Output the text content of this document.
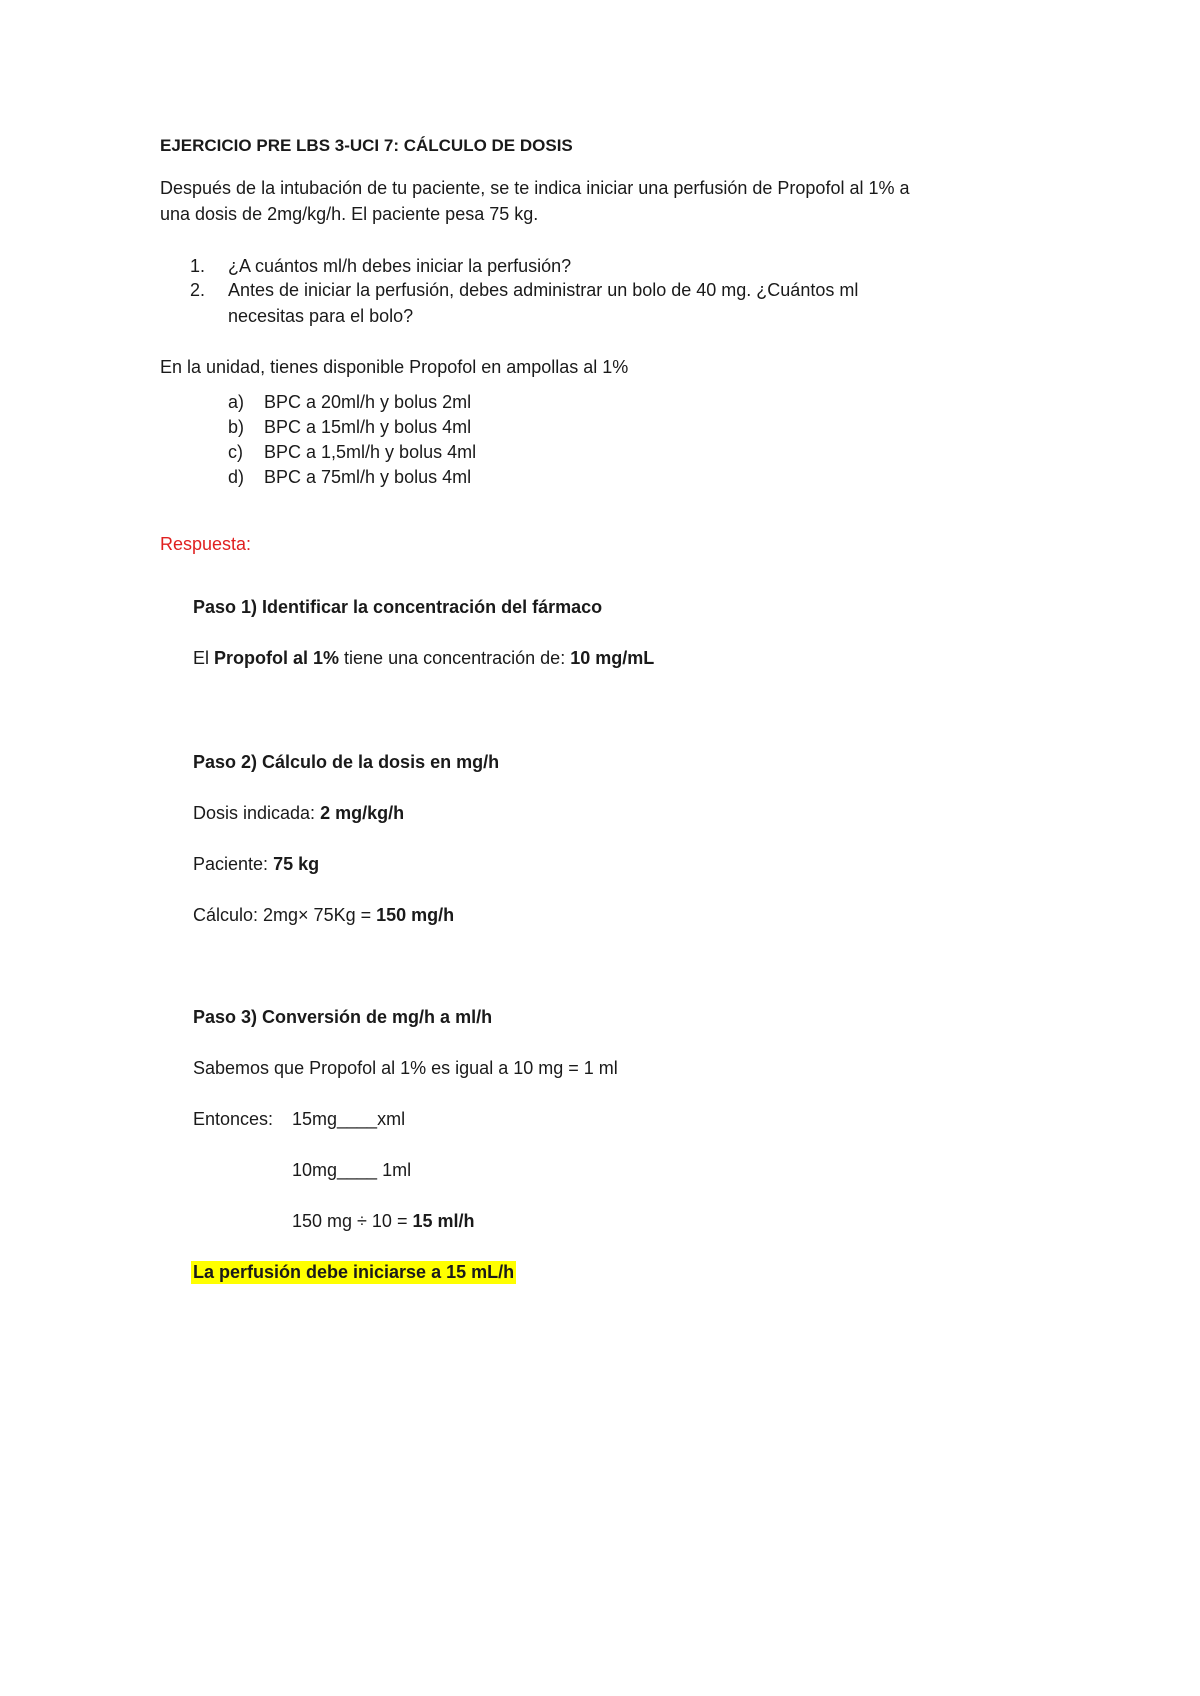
EJERCICIO PRE LBS 3-UCI 7: CÁLCULO DE DOSIS
Después de la intubación de tu paciente, se te indica iniciar una perfusión de Propofol al 1% a
una dosis de 2mg/kg/h. El paciente pesa 75 kg.
1. ¿A cuántos ml/h debes iniciar la perfusión?
2. Antes de iniciar la perfusión, debes administrar un bolo de 40 mg. ¿Cuántos ml
necesitas para el bolo?
En la unidad, tienes disponible Propofol en ampollas al 1%
a) BPC a 20ml/h y bolus 2ml
b) BPC a 15ml/h y bolus 4ml
c) BPC a 1,5ml/h y bolus 4ml
d) BPC a 75ml/h y bolus 4ml
Respuesta:
Paso 1) Identificar la concentración del fármaco
El Propofol al 1% tiene una concentración de: 10 mg/mL
Paso 2) Cálculo de la dosis en mg/h
Dosis indicada: 2 mg/kg/h
Paciente: 75 kg
Cálculo: 2mg× 75Kg = 150 mg/h
Paso 3) Conversión de mg/h a ml/h
Sabemos que Propofol al 1% es igual a 10 mg = 1 ml
Entonces: 15mg____xml
10mg____ 1ml
150 mg ÷ 10 = 15 ml/h
La perfusión debe iniciarse a 15 mL/h
